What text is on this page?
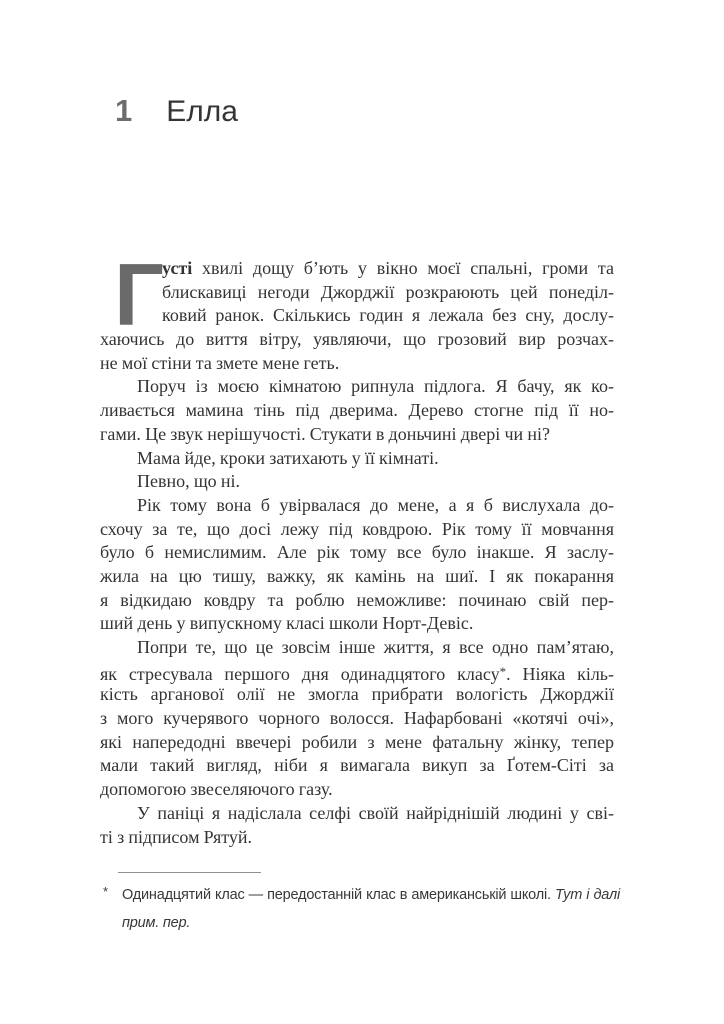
1 Елла
Г
усті хвилі дощу б’ють у вікно моєї спальні, громи та
блискавиці негоди Джорджії розкраюють цей понеділ-
ковий ранок. Скількись годин я лежала без сну, дослу-
хаючись до виття вітру, уявляючи, що грозовий вир розчах-
не мої стіни та змете мене геть.
Поруч із моєю кімнатою рипнула підлога. Я бачу, як ко-
ливається мамина тінь під дверима. Дерево стогне під її но-
гами. Це звук нерішучості. Стукати в доньчині двері чи ні?
Мама йде, кроки затихають у її кімнаті.
Певно, що ні.
Рік тому вона б увірвалася до мене, а я б вислухала до-
схочу за те, що досі лежу під ковдрою. Рік тому її мовчання
було б немислимим. Але рік тому все було інакше. Я заслу-
жила на цю тишу, важку, як камінь на шиї. І як покарання
я відкидаю ковдру та роблю неможливе: починаю свій пер-
ший день у випускному класі школи Норт-Девіс.
Попри те, що це зовсім інше життя, я все одно пам’ятаю,
як стресувала першого дня одинадцятого класу*. Ніяка кіль-
кість арганової олії не змогла прибрати вологість Джорджії
з мого кучерявого чорного волосся. Нафарбовані «котячі очі»,
які напередодні ввечері робили з мене фатальну жінку, тепер
мали такий вигляд, ніби я вимагала викуп за Ґотем-Сіті за
допомогою звеселяючого газу.
У паніці я надіслала селфі своїй найріднішій людині у сві-
ті з підписом Рятуй.
* Одинадцятий клас — передостанній клас в американській школі. Тут і далі
прим. пер.
